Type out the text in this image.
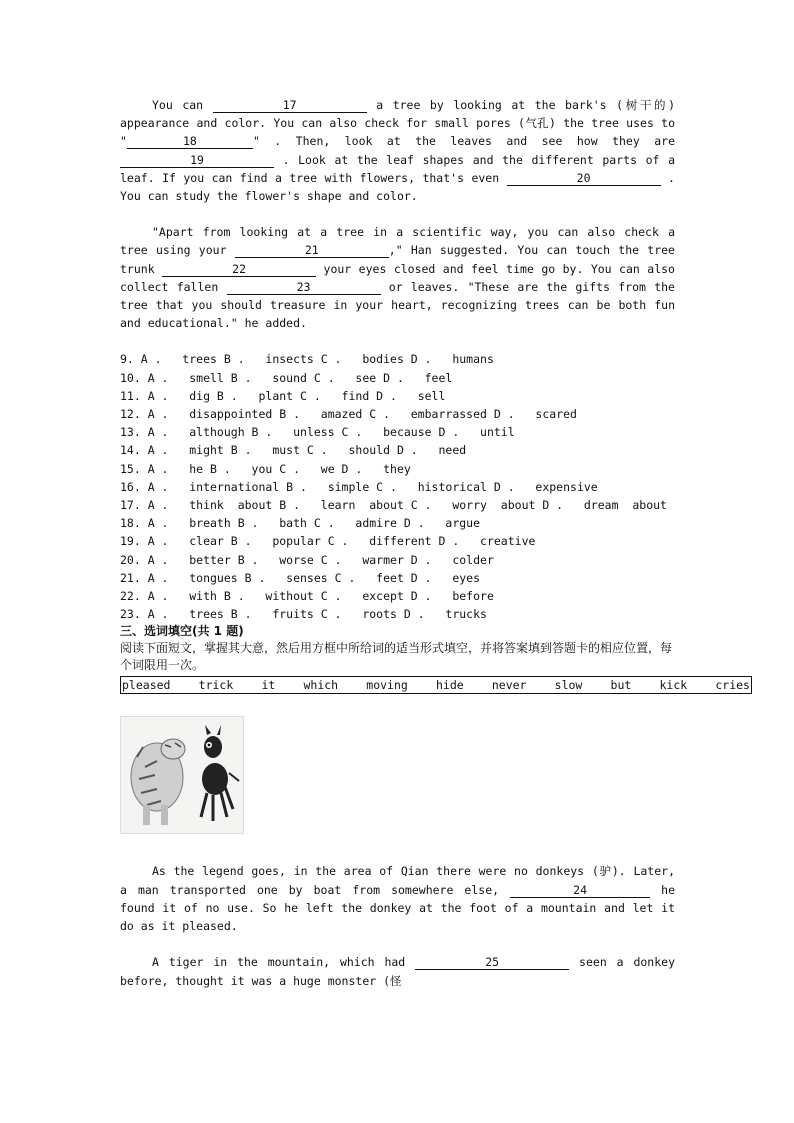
You can	17	a tree by looking at the bark's (树干的) appearance and color. You can also check for small pores (气孔) the tree uses to "	18	" . Then, look at the leaves and see how they are 19	. Look at the leaf shapes and the different parts of a leaf. If you can find a tree with flowers, that's even	20	. You can study the flower's shape and color.

"Apart from looking at a tree in a scientific way, you can also check a tree using your	21	," Han suggested. You can touch the tree trunk	22	your eyes closed and feel time go by. You can also collect fallen	23	or leaves. "These are the gifts from the tree that you should treasure in your heart, recognizing trees can be both fun and educational." he added.

9. A .   trees B .   insects C .   bodies D .   humans
10. A .   smell B .   sound C .   see D .   feel
11. A .   dig B .   plant C .   find D .   sell
12. A .   disappointed B .   amazed C .   embarrassed D .   scared
13. A .   although B .   unless C .   because D .   until
14. A .   might B .   must C .   should D .   need
15. A .   he B .   you C .   we D .   they
16. A .   international B .   simple C .   historical D .   expensive
17. A .   think  about B .   learn  about C .   worry  about D .   dream  about
18. A .   breath B .   bath C .   admire D .   argue
19. A .   clear B .   popular C .   different D .   creative
20. A .   better B .   worse C .   warmer D .   colder
21. A .   tongues B .   senses C .   feet D .   eyes
22. A .   with B .   without C .   except D .   before
23. A .   trees B .   fruits C .   roots D .   trucks
三、选词填空(共 1 题)
阅读下面短文，掌握其大意，然后用方框中所给词的适当形式填空，并将答案填到答题卡的相应位置，每个词限用一次。
pleased trick it which moving hide never slow but kick cries

As the legend goes, in the area of Qian there were no donkeys (驴). Later, a man transported one by boat from somewhere else,	24	he found it of no use. So he left the donkey at the foot of a mountain and let it do as it pleased.

A tiger in the mountain, which had	25	seen a donkey before, thought it was a huge monster (怪
